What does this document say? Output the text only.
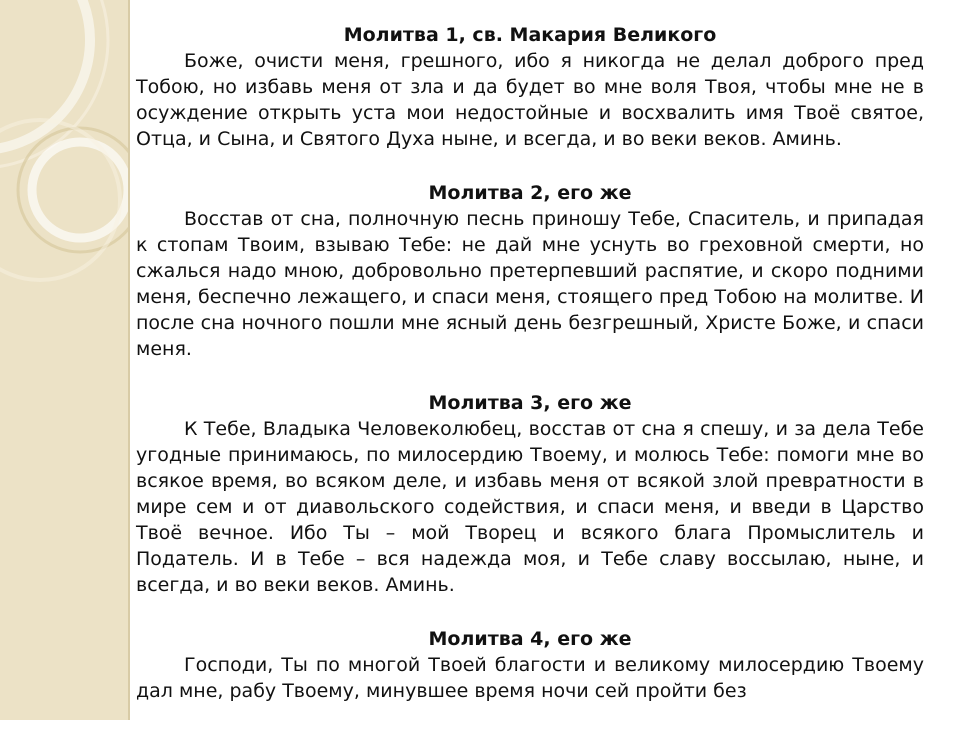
Молитва 1, св. Макария Великого

Боже, очисти меня, грешного, ибо я никогда не делал доброго пред Тобою, но избавь меня от зла и да будет во мне воля Твоя, чтобы мне не в осуждение открыть уста мои недостойные и восхвалить имя Твоё святое, Отца, и Сына, и Святого Духа ныне, и всегда, и во веки веков. Аминь.

Молитва 2, его же

Восстав от сна, полночную песнь приношу Тебе, Спаситель, и припадая к стопам Твоим, взываю Тебе: не дай мне уснуть во греховной смерти, но сжалься надо мною, добровольно претерпевший распятие, и скоро подними меня, беспечно лежащего, и спаси меня, стоящего пред Тобою на молитве. И после сна ночного пошли мне ясный день безгрешный, Христе Боже, и спаси меня.

Молитва 3, его же

К Тебе, Владыка Человеколюбец, восстав от сна я спешу, и за дела Тебе угодные принимаюсь, по милосердию Твоему, и молюсь Тебе: помоги мне во всякое время, во всяком деле, и избавь меня от всякой злой превратности в мире сем и от диавольского содействия, и спаси меня, и введи в Царство Твоё вечное. Ибо Ты – мой Творец и всякого блага Промыслитель и Податель. И в Тебе – вся надежда моя, и Тебе славу воссылаю, ныне, и всегда, и во веки веков. Аминь.

Молитва 4, его же

Господи, Ты по многой Твоей благости и великому милосердию Твоему дал мне, рабу Твоему, минувшее время ночи сей пройти без
